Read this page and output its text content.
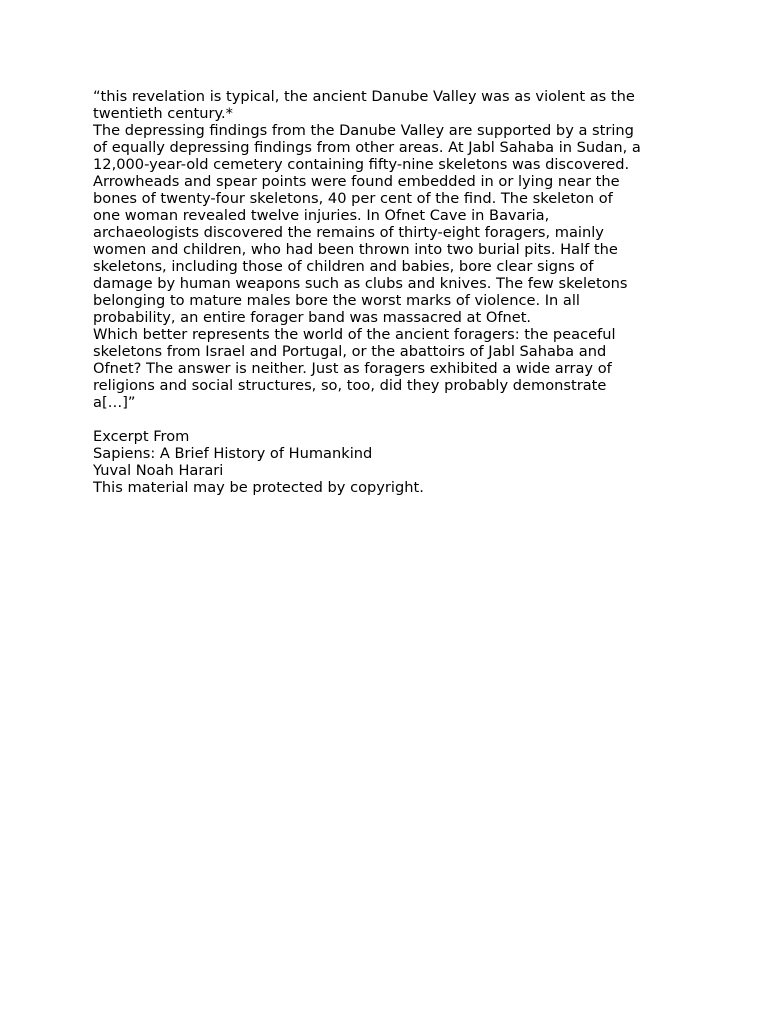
“this revelation is typical, the ancient Danube Valley was as violent as the
twentieth century.*

The depressing findings from the Danube Valley are supported by a string
of equally depressing findings from other areas. At Jabl Sahaba in Sudan, a
12,000-year-old cemetery containing fifty-nine skeletons was discovered.
Arrowheads and spear points were found embedded in or lying near the
bones of twenty-four skeletons, 40 per cent of the find. The skeleton of
one woman revealed twelve injuries. In Ofnet Cave in Bavaria,
archaeologists discovered the remains of thirty-eight foragers, mainly
women and children, who had been thrown into two burial pits. Half the
skeletons, including those of children and babies, bore clear signs of
damage by human weapons such as clubs and knives. The few skeletons
belonging to mature males bore the worst marks of violence. In all
probability, an entire forager band was massacred at Ofnet.

Which better represents the world of the ancient foragers: the peaceful
skeletons from Israel and Portugal, or the abattoirs of Jabl Sahaba and
Ofnet? The answer is neither. Just as foragers exhibited a wide array of
religions and social structures, so, too, did they probably demonstrate
a[…]”

Excerpt From

Sapiens: A Brief History of Humankind

Yuval Noah Harari

This material may be protected by copyright.
